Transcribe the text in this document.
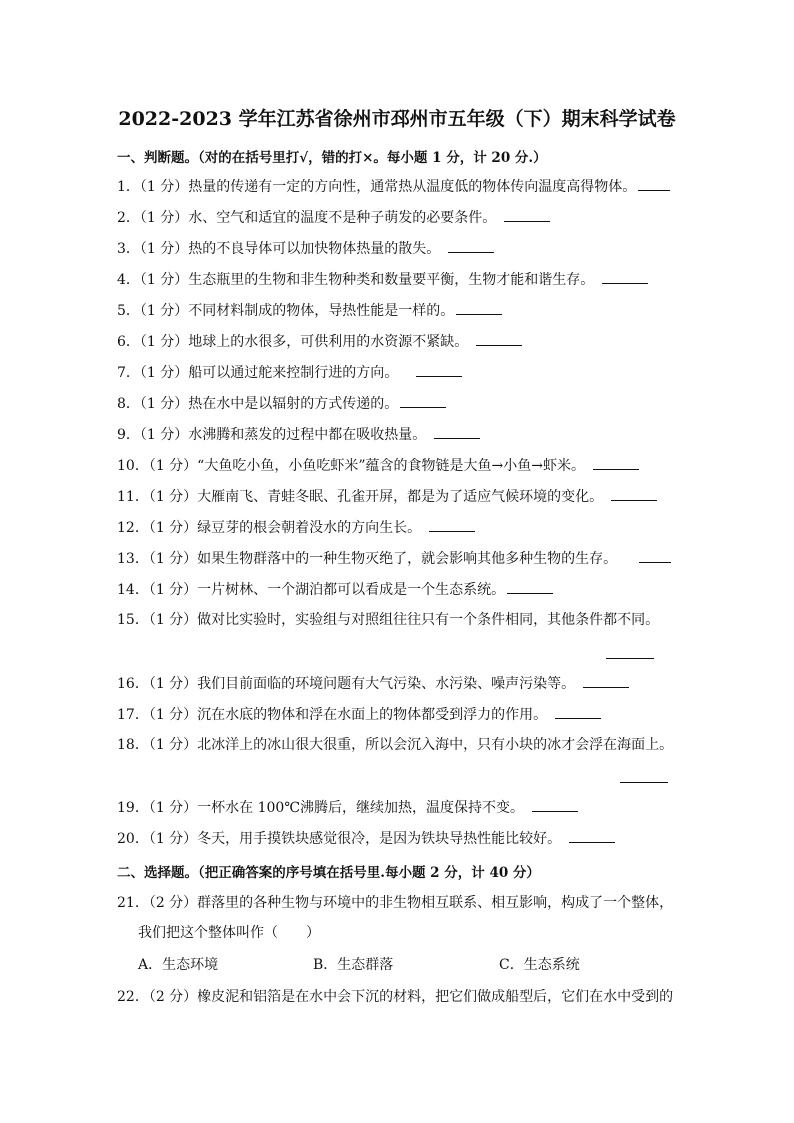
2022-2023 学年江苏省徐州市邳州市五年级（下）期末科学试卷
一、判断题。（对的在括号里打√，错的打×。每小题 1 分，计 20 分.）
1．（1 分）热量的传递有一定的方向性，通常热从温度低的物体传向温度高得物体。
2．（1 分）水、空气和适宜的温度不是种子萌发的必要条件。
3．（1 分）热的不良导体可以加快物体热量的散失。
4．（1 分）生态瓶里的生物和非生物种类和数量要平衡，生物才能和谐生存。
5．（1 分）不同材料制成的物体，导热性能是一样的。
6．（1 分）地球上的水很多，可供利用的水资源不紧缺。
7．（1 分）船可以通过舵来控制行进的方向。
8．（1 分）热在水中是以辐射的方式传递的。
9．（1 分）水沸腾和蒸发的过程中都在吸收热量。
10．（1 分）“大鱼吃小鱼，小鱼吃虾米”蕴含的食物链是大鱼→小鱼→虾米。
11．（1 分）大雁南飞、青蛙冬眠、孔雀开屏，都是为了适应气候环境的变化。
12．（1 分）绿豆芽的根会朝着没水的方向生长。
13．（1 分）如果生物群落中的一种生物灭绝了，就会影响其他多种生物的生存。
14．（1 分）一片树林、一个湖泊都可以看成是一个生态系统。
15．（1 分）做对比实验时，实验组与对照组往往只有一个条件相同，其他条件都不同。
16．（1 分）我们目前面临的环境问题有大气污染、水污染、噪声污染等。
17．（1 分）沉在水底的物体和浮在水面上的物体都受到浮力的作用。
18．（1 分）北冰洋上的冰山很大很重，所以会沉入海中，只有小块的冰才会浮在海面上。
19．（1 分）一杯水在 100℃沸腾后，继续加热，温度保持不变。
20．（1 分）冬天，用手摸铁块感觉很冷，是因为铁块导热性能比较好。
二、选择题。（把正确答案的序号填在括号里.每小题 2 分，计 40 分）
21．（2 分）群落里的各种生物与环境中的非生物相互联系、相互影响，构成了一个整体，
我们把这个整体叫作（　　）
A．生态环境	B．生态群落	C．生态系统
22．（2 分）橡皮泥和铝箔是在水中会下沉的材料，把它们做成船型后，它们在水中受到的
